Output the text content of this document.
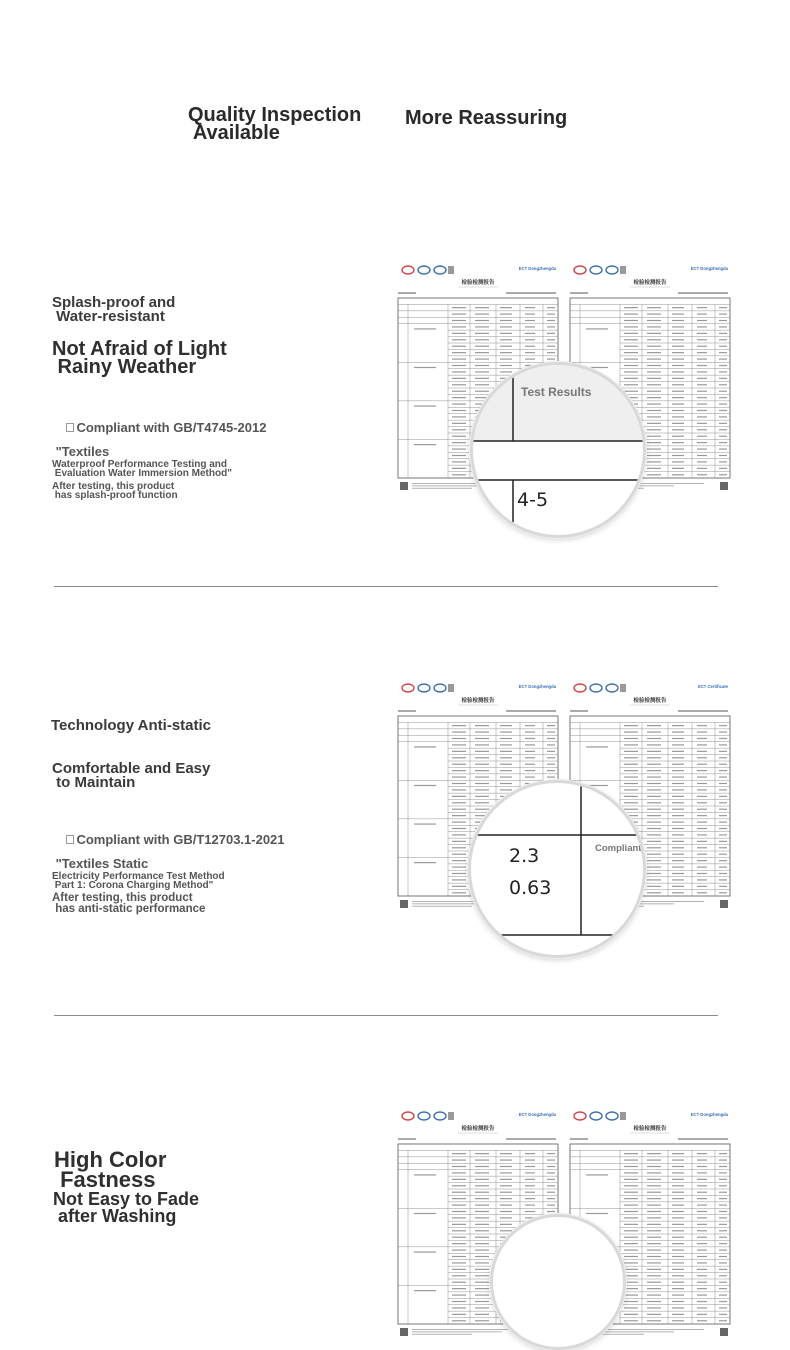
Quality Inspection
Available
More Reassuring
Splash-proof and
Water-resistant
Not Afraid of Light
Rainy Weather

Compliant with GB/T4745-2012

"Textiles
Waterproof Performance Testing and
Evaluation Water Immersion Method"
After testing, this product
has splash-proof function
ECT Dongzhengda
检验检测报告
ECT Dongzhengda
检验检测报告
Test Results
4-5
Technology Anti-static
Comfortable and Easy
to Maintain

Compliant with GB/T12703.1-2021

"Textiles Static
Electricity Performance Test Method
Part 1: Corona Charging Method"
After testing, this product
has anti-static performance
ECT Dongzhengda
检验检测报告
ECT Certificate
检验检测报告
2.3
0.63
Compliant
High Color
Fastness
Not Easy to Fade
after Washing
ECT Dongzhengda
检验检测报告
ECT Dongzhengda
检验检测报告
